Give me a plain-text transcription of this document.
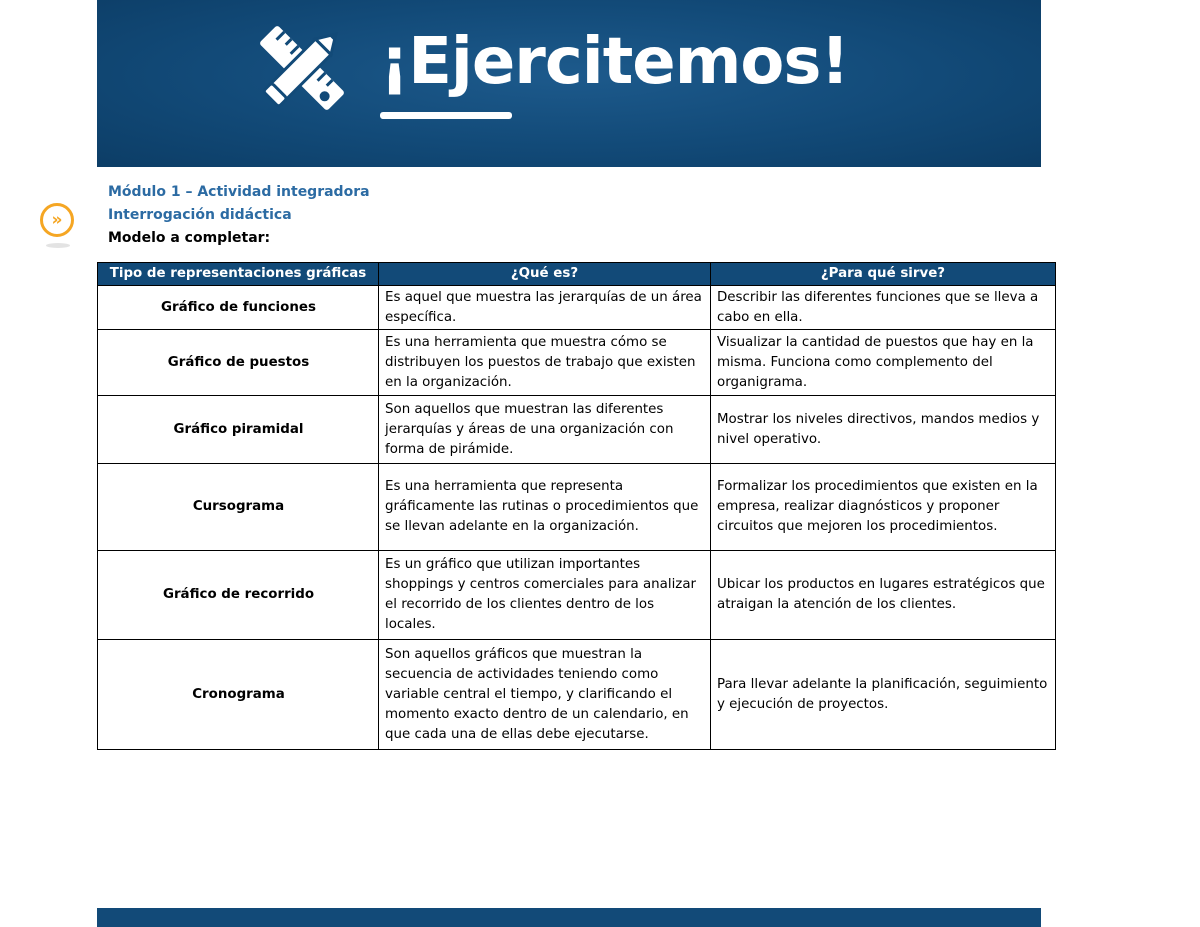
¡Ejercitemos!
»
Módulo 1 – Actividad integradora
Interrogación didáctica
Modelo a completar:
Tipo de representaciones gráficas	¿Qué es?	¿Para qué sirve?
Gráfico de funciones	Es aquel que muestra las jerarquías de un área específica.	Describir las diferentes funciones que se lleva a cabo en ella.
Gráfico de puestos	Es una herramienta que muestra cómo se distribuyen los puestos de trabajo que existen en la organización.	Visualizar la cantidad de puestos que hay en la misma. Funciona como complemento del organigrama.
Gráfico piramidal	Son aquellos que muestran las diferentes jerarquías y áreas de una organización con forma de pirámide.	Mostrar los niveles directivos, mandos medios y nivel operativo.
Cursograma	Es una herramienta que representa gráficamente las rutinas o procedimientos que se llevan adelante en la organización.	Formalizar los procedimientos que existen en la empresa, realizar diagnósticos y proponer circuitos que mejoren los procedimientos.
Gráfico de recorrido	Es un gráfico que utilizan importantes shoppings y centros comerciales para analizar el recorrido de los clientes dentro de los locales.	Ubicar los productos en lugares estratégicos que atraigan la atención de los clientes.
Cronograma	Son aquellos gráficos que muestran la secuencia de actividades teniendo como variable central el tiempo, y clarificando el momento exacto dentro de un calendario, en que cada una de ellas debe ejecutarse.	Para llevar adelante la planificación, seguimiento y ejecución de proyectos.
